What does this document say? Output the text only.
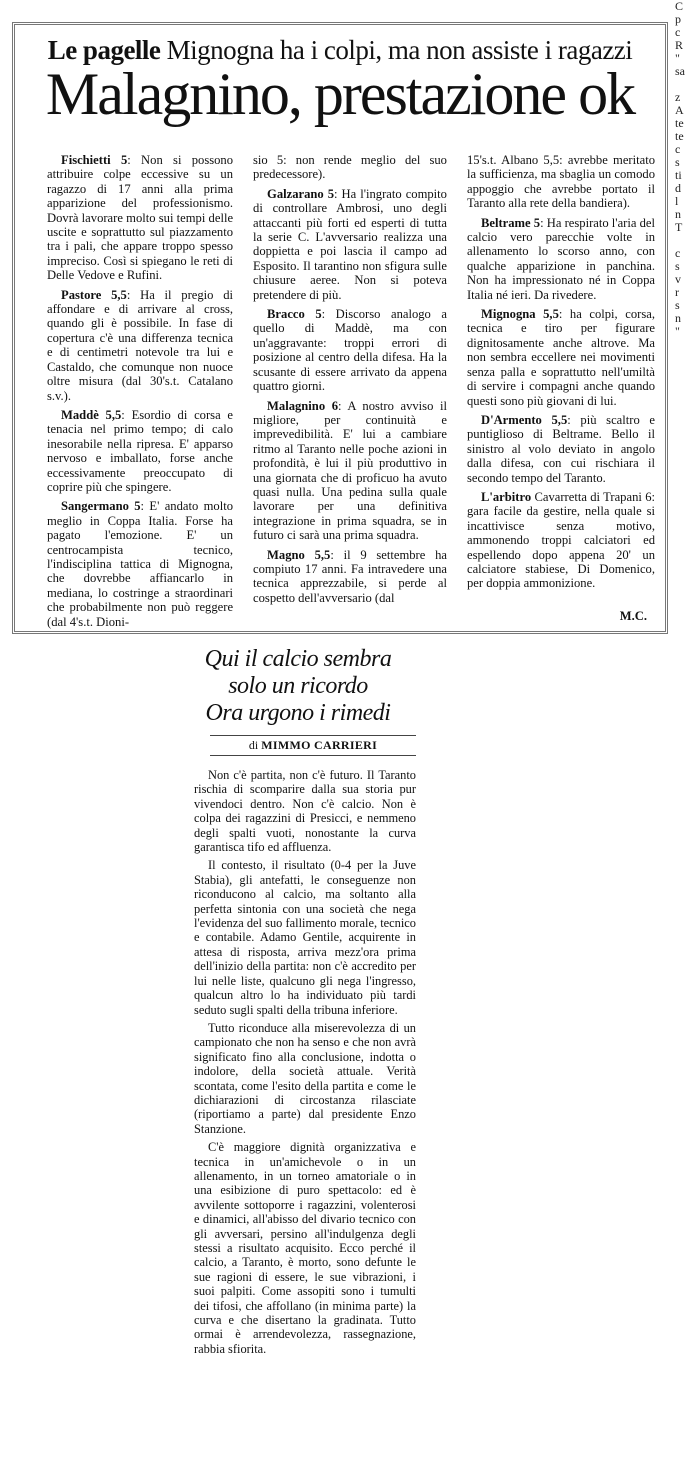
C
p
c
R
"
sa

z
A
te
te
c
s
ti
d
l
n
T

c
s
v
r
s
n
"
Le pagelle Mignogna ha i colpi, ma non assiste i ragazzi
Malagnino, prestazione ok

Fischietti 5: Non si possono attribuire colpe eccessive su un ragazzo di 17 anni alla prima apparizione del professionismo. Dovrà lavorare molto sui tempi delle uscite e soprattutto sul piazzamento tra i pali, che appare troppo spesso impreciso. Così si spiegano le reti di Delle Vedove e Rufini.

Pastore 5,5: Ha il pregio di affondare e di arrivare al cross, quando gli è possibile. In fase di copertura c'è una differenza tecnica e di centimetri notevole tra lui e Castaldo, che comunque non nuoce oltre misura (dal 30's.t. Catalano s.v.).

Maddè 5,5: Esordio di corsa e tenacia nel primo tempo; di calo inesorabile nella ripresa. E' apparso nervoso e imballato, forse anche eccessivamente preoccupato di coprire più che spingere.

Sangermano 5: E' andato molto meglio in Coppa Italia. Forse ha pagato l'emozione. E' un centrocampista tecnico, l'indisciplina tattica di Mignogna, che dovrebbe affiancarlo in mediana, lo costringe a straordinari che probabilmente non può reggere (dal 4's.t. Dioni-

sio 5: non rende meglio del suo predecessore).

Galzarano 5: Ha l'ingrato compito di controllare Ambrosi, uno degli attaccanti più forti ed esperti di tutta la serie C. L'avversario realizza una doppietta e poi lascia il campo ad Esposito. Il tarantino non sfigura sulle chiusure aeree. Non si poteva pretendere di più.

Bracco 5: Discorso analogo a quello di Maddè, ma con un'aggravante: troppi errori di posizione al centro della difesa. Ha la scusante di essere arrivato da appena quattro giorni.

Malagnino 6: A nostro avviso il migliore, per continuità e imprevedibilità. E' lui a cambiare ritmo al Taranto nelle poche azioni in profondità, è lui il più produttivo in una giornata che di proficuo ha avuto quasi nulla. Una pedina sulla quale lavorare per una definitiva integrazione in prima squadra, se in futuro ci sarà una prima squadra.

Magno 5,5: il 9 settembre ha compiuto 17 anni. Fa intravedere una tecnica apprezzabile, si perde al cospetto dell'avversario (dal

15's.t. Albano 5,5: avrebbe meritato la sufficienza, ma sbaglia un comodo appoggio che avrebbe portato il Taranto alla rete della bandiera).

Beltrame 5: Ha respirato l'aria del calcio vero parecchie volte in allenamento lo scorso anno, con qualche apparizione in panchina. Non ha impressionato né in Coppa Italia né ieri. Da rivedere.

Mignogna 5,5: ha colpi, corsa, tecnica e tiro per figurare dignitosamente anche altrove. Ma non sembra eccellere nei movimenti senza palla e soprattutto nell'umiltà di servire i compagni anche quando questi sono più giovani di lui.

D'Armento 5,5: più scaltro e puntiglioso di Beltrame. Bello il sinistro al volo deviato in angolo dalla difesa, con cui rischiara il secondo tempo del Taranto.

L'arbitro Cavarretta di Trapani 6: gara facile da gestire, nella quale si incattivisce senza motivo, ammonendo troppi calciatori ed espellendo dopo appena 20' un calciatore stabiese, Di Domenico, per doppia ammonizione.

M.C.
Qui il calcio sembra
solo un ricordo
Ora urgono i rimedi
di MIMMO CARRIERI

Non c'è partita, non c'è futuro. Il Taranto rischia di scomparire dalla sua storia pur vivendoci dentro. Non c'è calcio. Non è colpa dei ragazzini di Presicci, e nemmeno degli spalti vuoti, nonostante la curva garantisca tifo ed affluenza.

Il contesto, il risultato (0-4 per la Juve Stabia), gli antefatti, le conseguenze non riconducono al calcio, ma soltanto alla perfetta sintonia con una società che nega l'evidenza del suo fallimento morale, tecnico e contabile. Adamo Gentile, acquirente in attesa di risposta, arriva mezz'ora prima dell'inizio della partita: non c'è accredito per lui nelle liste, qualcuno gli nega l'ingresso, qualcun altro lo ha individuato più tardi seduto sugli spalti della tribuna inferiore.

Tutto riconduce alla miserevolezza di un campionato che non ha senso e che non avrà significato fino alla conclusione, indotta o indolore, della società attuale. Verità scontata, come l'esito della partita e come le dichiarazioni di circostanza rilasciate (riportiamo a parte) dal presidente Enzo Stanzione.

C'è maggiore dignità organizzativa e tecnica in un'amichevole o in un allenamento, in un torneo amatoriale o in una esibizione di puro spettacolo: ed è avvilente sottoporre i ragazzini, volenterosi e dinamici, all'abisso del divario tecnico con gli avversari, persino all'indulgenza degli stessi a risultato acquisito. Ecco perché il calcio, a Taranto, è morto, sono defunte le sue ragioni di essere, le sue vibrazioni, i suoi palpiti. Come assopiti sono i tumulti dei tifosi, che affollano (in minima parte) la curva e che disertano la gradinata. Tutto ormai è arrendevolezza, rassegnazione, rabbia sfiorita.
